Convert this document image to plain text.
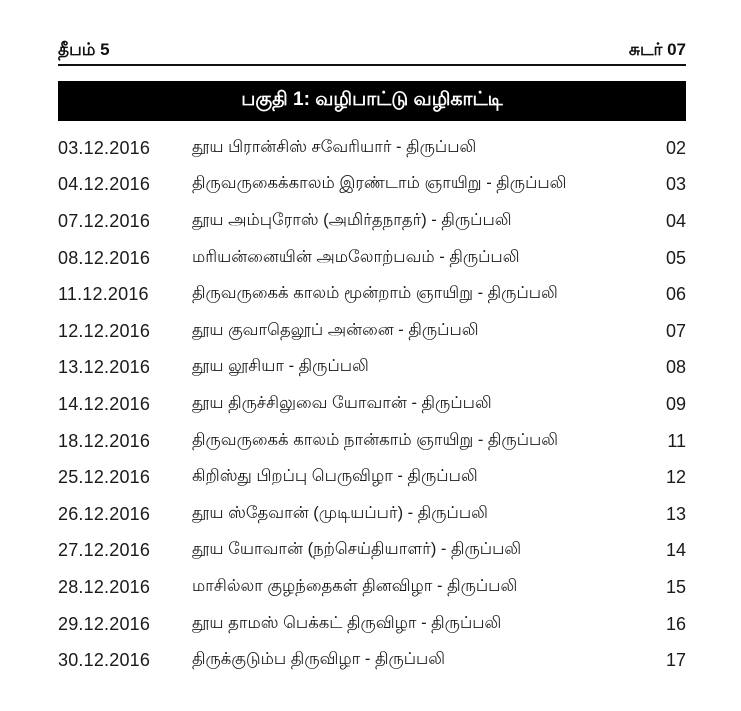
தீபம் 5	சுடர் 07
பகுதி 1: வழிபாட்டு வழிகாட்டி
03.12.2016	தூய பிரான்சிஸ் சவேரியார் - திருப்பலி	02
04.12.2016	திருவருகைக்காலம் இரண்டாம் ஞாயிறு - திருப்பலி	03
07.12.2016	தூய அம்புரோஸ் (அமிர்தநாதர்) - திருப்பலி	04
08.12.2016	மரியன்னையின் அமலோற்பவம் - திருப்பலி	05
11.12.2016	திருவருகைக் காலம் மூன்றாம் ஞாயிறு - திருப்பலி	06
12.12.2016	தூய குவாதெலூப் அன்னை - திருப்பலி	07
13.12.2016	தூய லூசியா - திருப்பலி	08
14.12.2016	தூய திருச்சிலுவை யோவான் - திருப்பலி	09
18.12.2016	திருவருகைக் காலம் நான்காம் ஞாயிறு - திருப்பலி	11
25.12.2016	கிறிஸ்து பிறப்பு பெருவிழா - திருப்பலி	12
26.12.2016	தூய ஸ்தேவான் (முடியப்பர்) - திருப்பலி	13
27.12.2016	தூய யோவான் (நற்செய்தியாளர்) - திருப்பலி	14
28.12.2016	மாசில்லா குழந்தைகள் தினவிழா - திருப்பலி	15
29.12.2016	தூய தாமஸ் பெக்கட் திருவிழா - திருப்பலி	16
30.12.2016	திருக்குடும்ப திருவிழா - திருப்பலி	17
